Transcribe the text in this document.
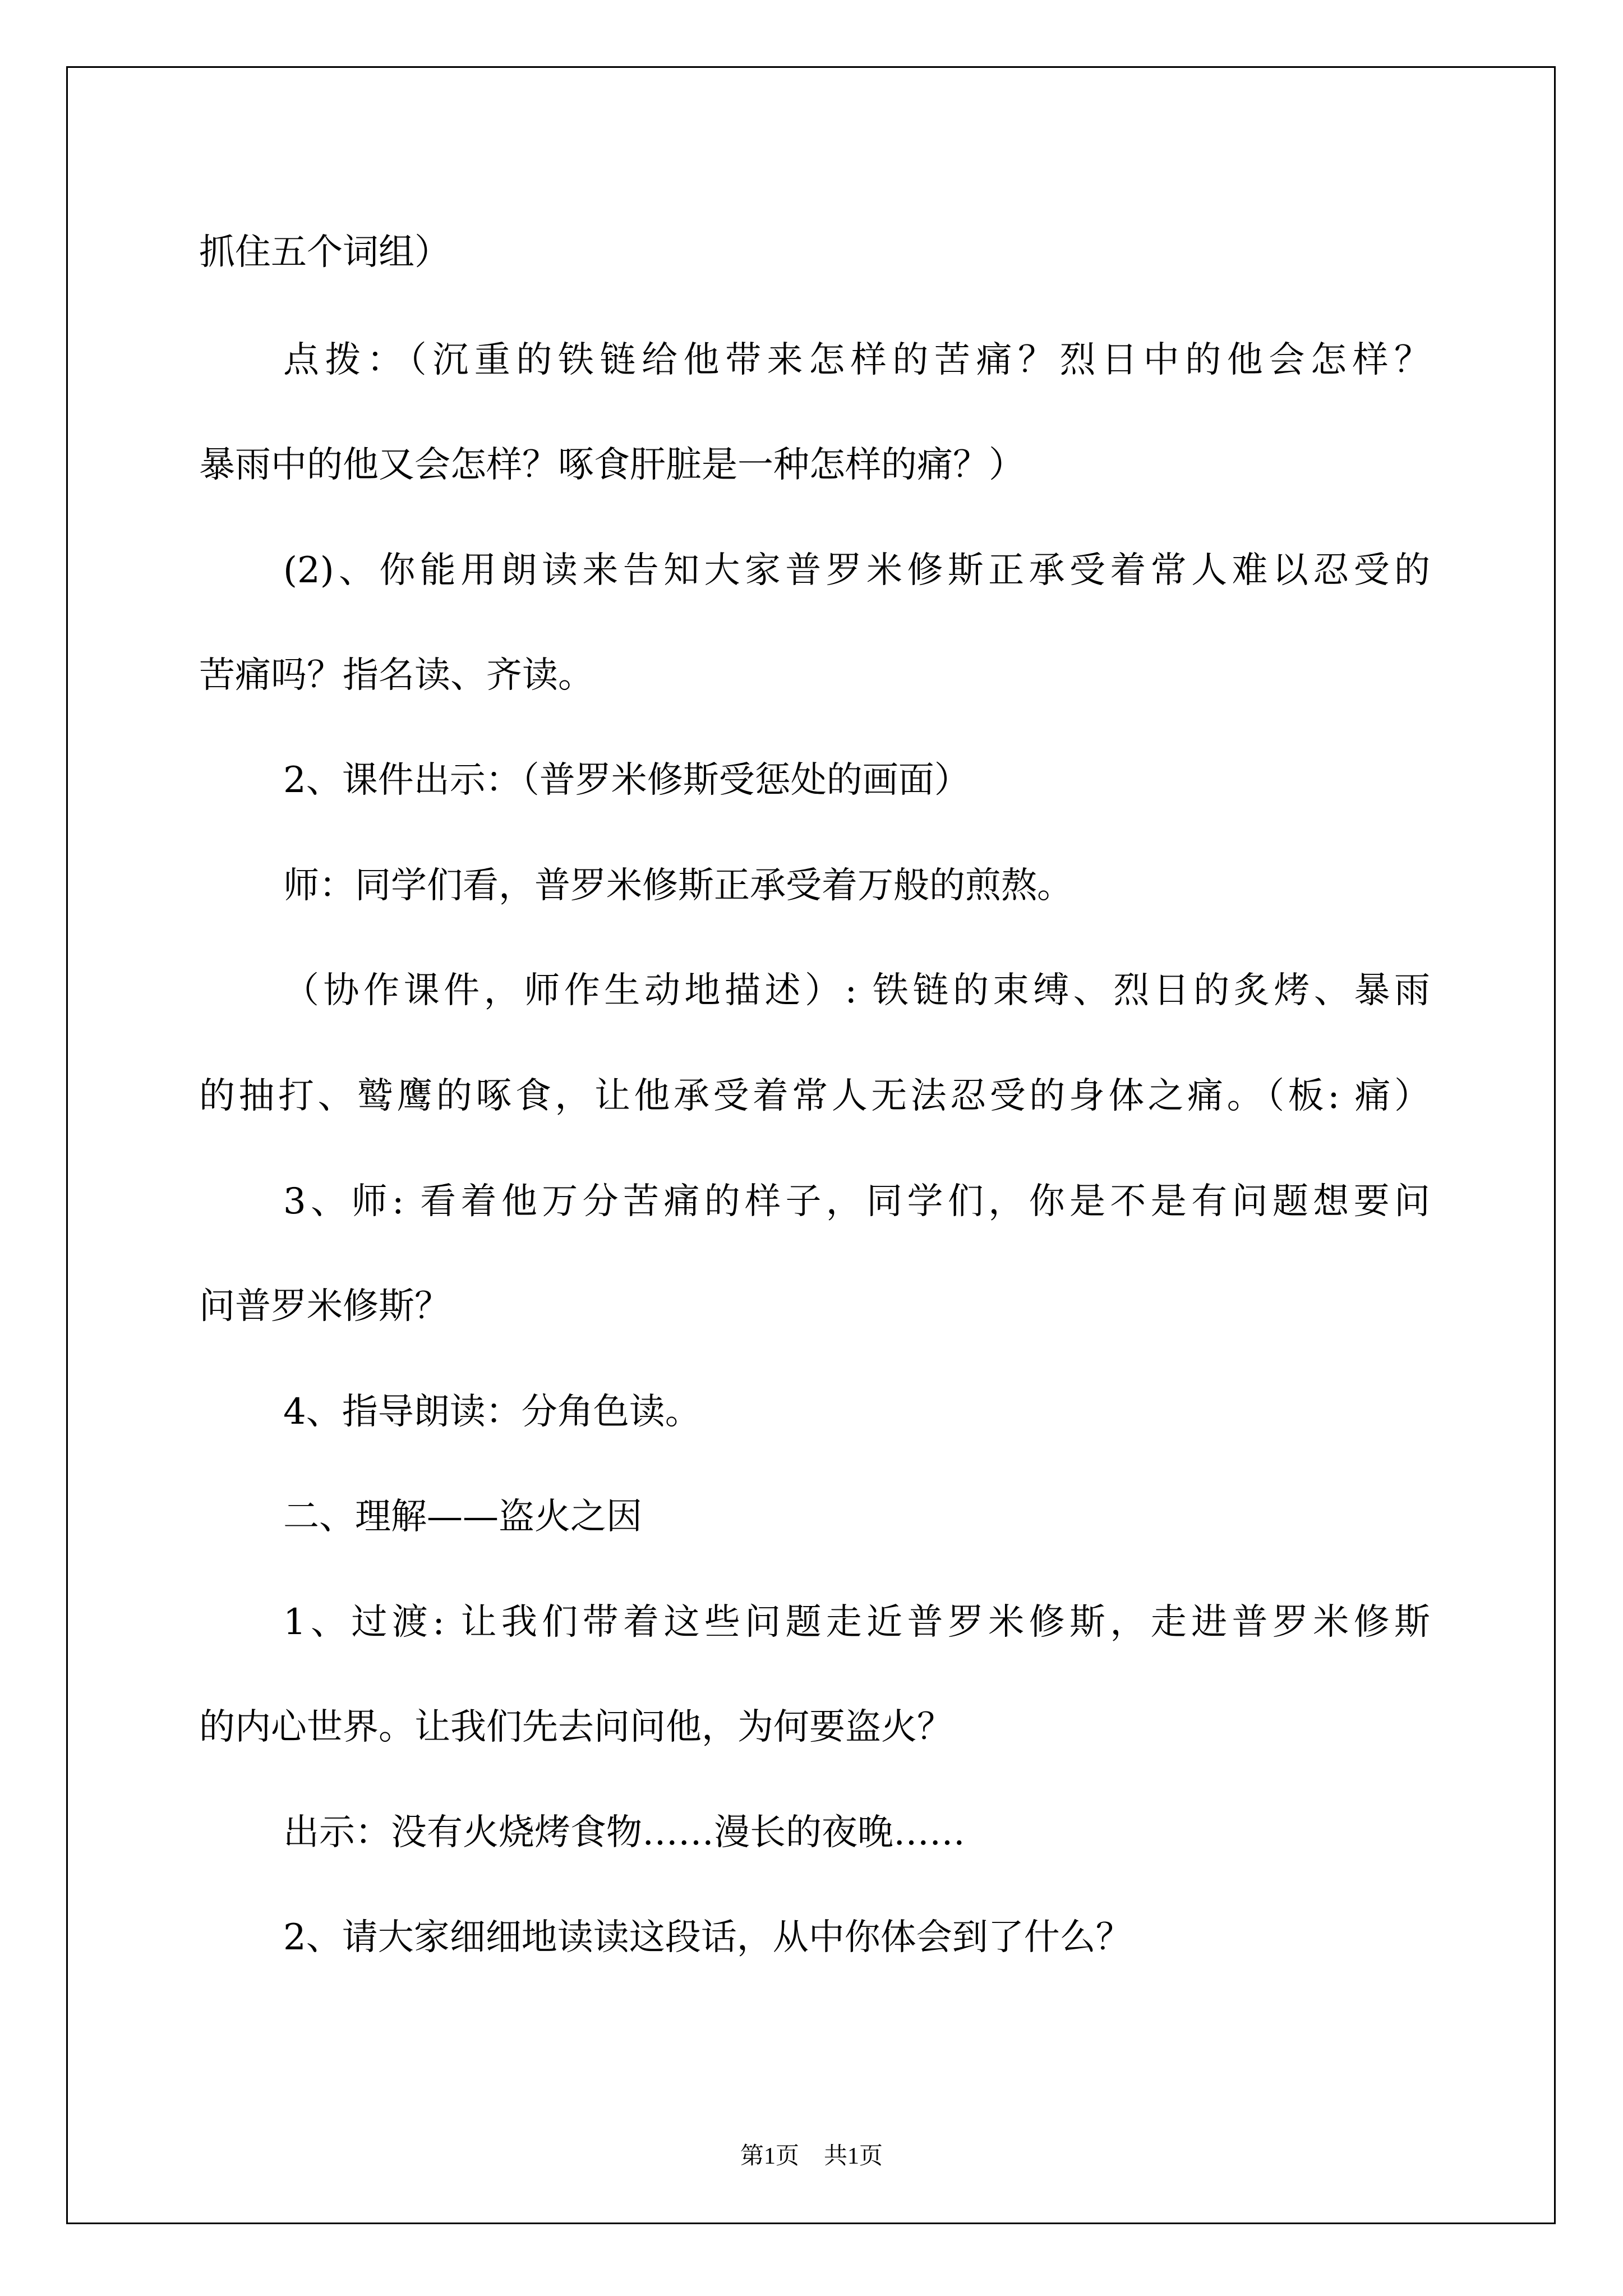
抓住五个词组）
点拨：（沉重的铁链给他带来怎样的苦痛？烈日中的他会怎样？
暴雨中的他又会怎样？啄食肝脏是一种怎样的痛？）
(2)、你能用朗读来告知大家普罗米修斯正承受着常人难以忍受的
苦痛吗？指名读、齐读。
2、课件出示：（普罗米修斯受惩处的画面）
师：同学们看，普罗米修斯正承受着万般的煎熬。
（协作课件，师作生动地描述）: 铁链的束缚、烈日的炙烤、暴雨
的抽打、鹫鹰的啄食，让他承受着常人无法忍受的身体之痛。（板: 痛）
3、师: 看着他万分苦痛的样子，同学们，你是不是有问题想要问
问普罗米修斯？
4、指导朗读：分角色读。
二、理解——盗火之因
1、过渡: 让我们带着这些问题走近普罗米修斯，走进普罗米修斯
的内心世界。让我们先去问问他，为何要盗火？
出示：没有火烧烤食物……漫长的夜晚……
2、请大家细细地读读这段话，从中你体会到了什么？
第1页 共1页
